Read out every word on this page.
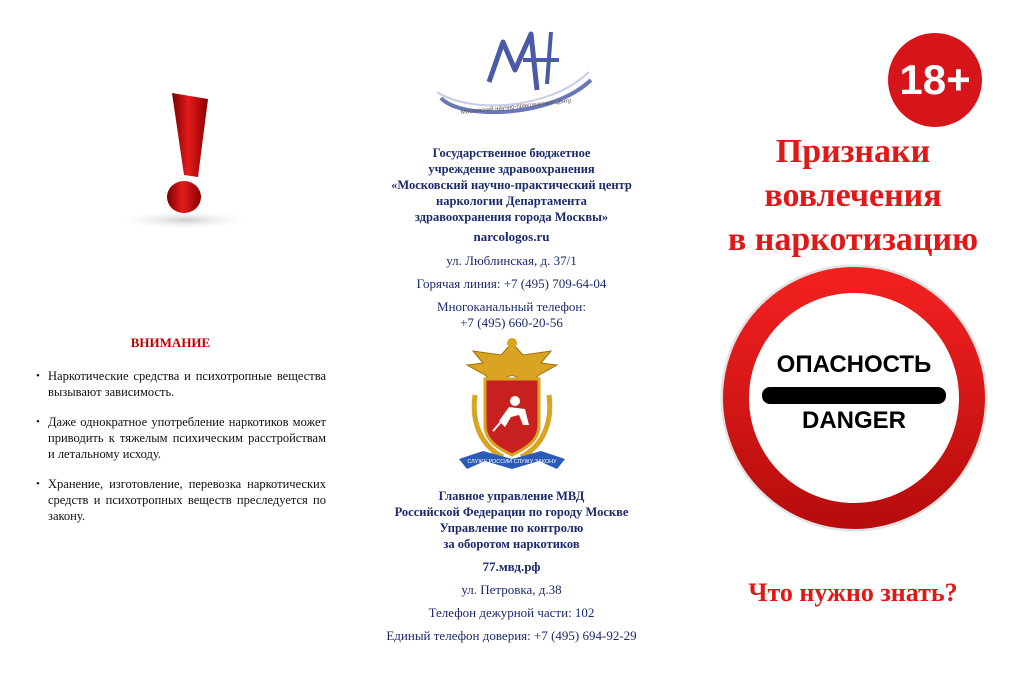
ВНИМАНИЕ
• Наркотические средства и психотропные вещества вызывают зависимость.
• Даже однократное употребление наркотиков может приводить к тяжелым психическим расстройствам и летальному исходу.
• Хранение, изготовление, перевозка наркотических средств и психотропных веществ преследуется по закону.
Московский научно-практический центр
Государственное бюджетное
учреждение здравоохранения
«Московский научно-практический центр
наркологии Департамента
здравоохранения города Москвы»
narcologos.ru
ул. Люблинская, д. 37/1
Горячая линия: +7 (495) 709-64-04
Многоканальный телефон:
+7 (495) 660-20-56
СЛУЖУ РОССИИ СЛУЖУ ЗАКОНУ
Главное управление МВД
Российской Федерации по городу Москве
Управление по контролю
за оборотом наркотиков
77.мвд.рф
ул. Петровка, д.38
Телефон дежурной части: 102
Единый телефон доверия: +7 (495) 694-92-29
18+
Признаки
вовлечения
в наркотизацию
ОПАСНОСТЬ
DANGER
Что нужно знать?
